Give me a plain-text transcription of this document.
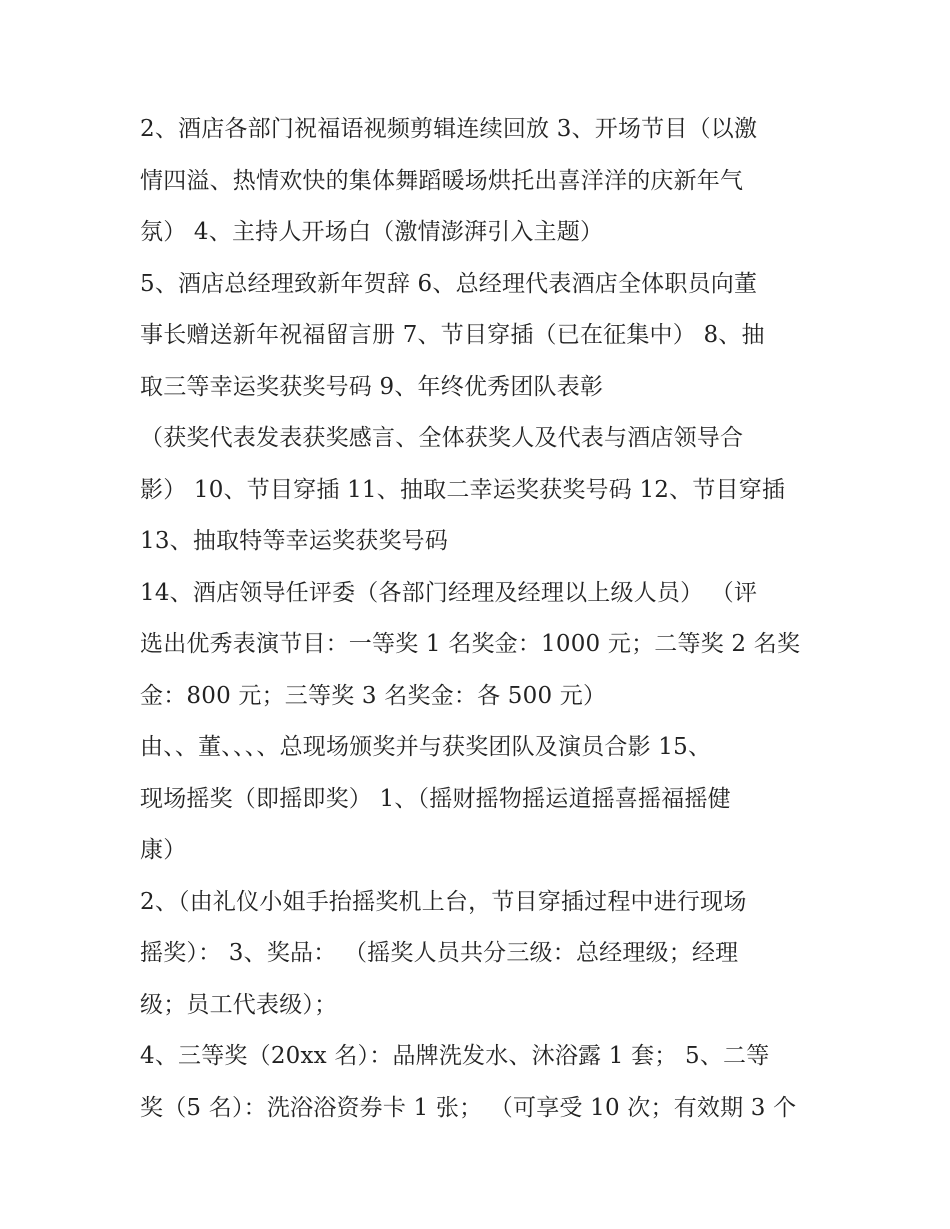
2、酒店各部门祝福语视频剪辑连续回放 3、开场节目（以激
情四溢、热情欢快的集体舞蹈暖场烘托出喜洋洋的庆新年气
氛） 4、主持人开场白（激情澎湃引入主题）
5、酒店总经理致新年贺辞 6、总经理代表酒店全体职员向董
事长赠送新年祝福留言册 7、节目穿插（已在征集中） 8、抽
取三等幸运奖获奖号码 9、年终优秀团队表彰
（获奖代表发表获奖感言、全体获奖人及代表与酒店领导合
影） 10、节目穿插 11、抽取二幸运奖获奖号码 12、节目穿插
13、抽取特等幸运奖获奖号码
14、酒店领导任评委（各部门经理及经理以上级人员） （评
选出优秀表演节目：一等奖 1 名奖金：1000 元；二等奖 2 名奖
金：800 元；三等奖 3 名奖金：各 500 元）
由、、董、、、、总现场颁奖并与获奖团队及演员合影 15、
现场摇奖（即摇即奖） 1、（摇财摇物摇运道摇喜摇福摇健
康）
2、（由礼仪小姐手抬摇奖机上台，节目穿插过程中进行现场
摇奖）： 3、奖品： （摇奖人员共分三级：总经理级；经理
级；员工代表级）；
4、三等奖（20xx 名）：品牌洗发水、沐浴露 1 套； 5、二等
奖（5 名）：洗浴浴资券卡 1 张； （可享受 10 次；有效期 3 个
